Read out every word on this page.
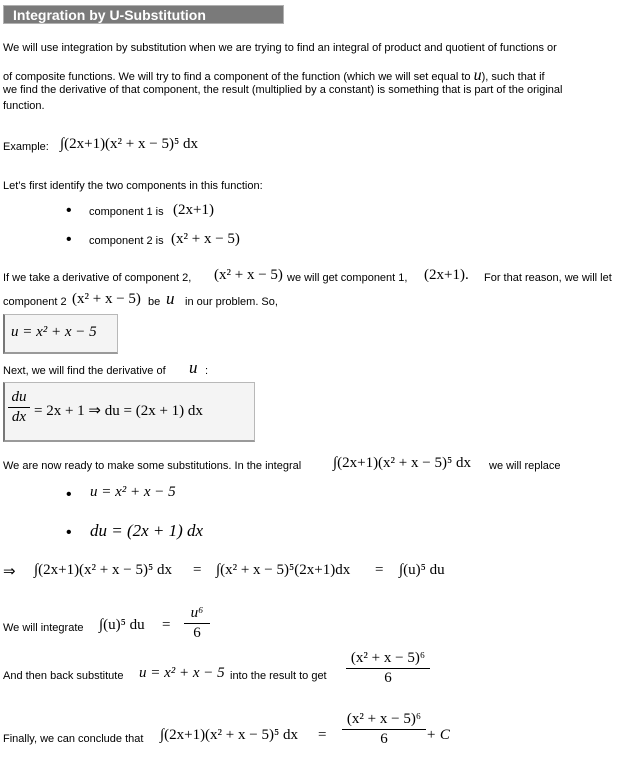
Integration by U-Substitution
We will use integration by substitution when we are trying to find an integral of product and quotient of functions or
of composite functions. We will try to find a component of the function (which we will set equal to u), such that if
we find the derivative of that component, the result (multiplied by a constant) is something that is part of the original
function.
Example: ∫(2x+1)(x² + x − 5)⁵ dx
Let’s first identify the two components in this function:
• component 1 is (2x+1)
• component 2 is (x² + x − 5)
If we take a derivative of component 2, (x² + x − 5) we will get component 1, (2x+1). For that reason, we will let
component 2 (x² + x − 5) be u in our problem. So,
u = x² + x − 5
Next, we will find the derivative of u :
du
dx = 2x + 1 ⇒ du = (2x + 1) dx
We are now ready to make some substitutions. In the integral ∫(2x+1)(x² + x − 5)⁵ dx we will replace
• u = x² + x − 5
• du = (2x + 1) dx
⇒ ∫(2x+1)(x² + x − 5)⁵ dx = ∫(x² + x − 5)⁵(2x+1)dx = ∫(u)⁵ du
We will integrate ∫(u)⁵ du =
u⁶
6
And then back substitute u = x² + x − 5 into the result to get
(x² + x − 5)⁶
6
Finally, we can conclude that ∫(2x+1)(x² + x − 5)⁵ dx =
(x² + x − 5)⁶
6	+ C
